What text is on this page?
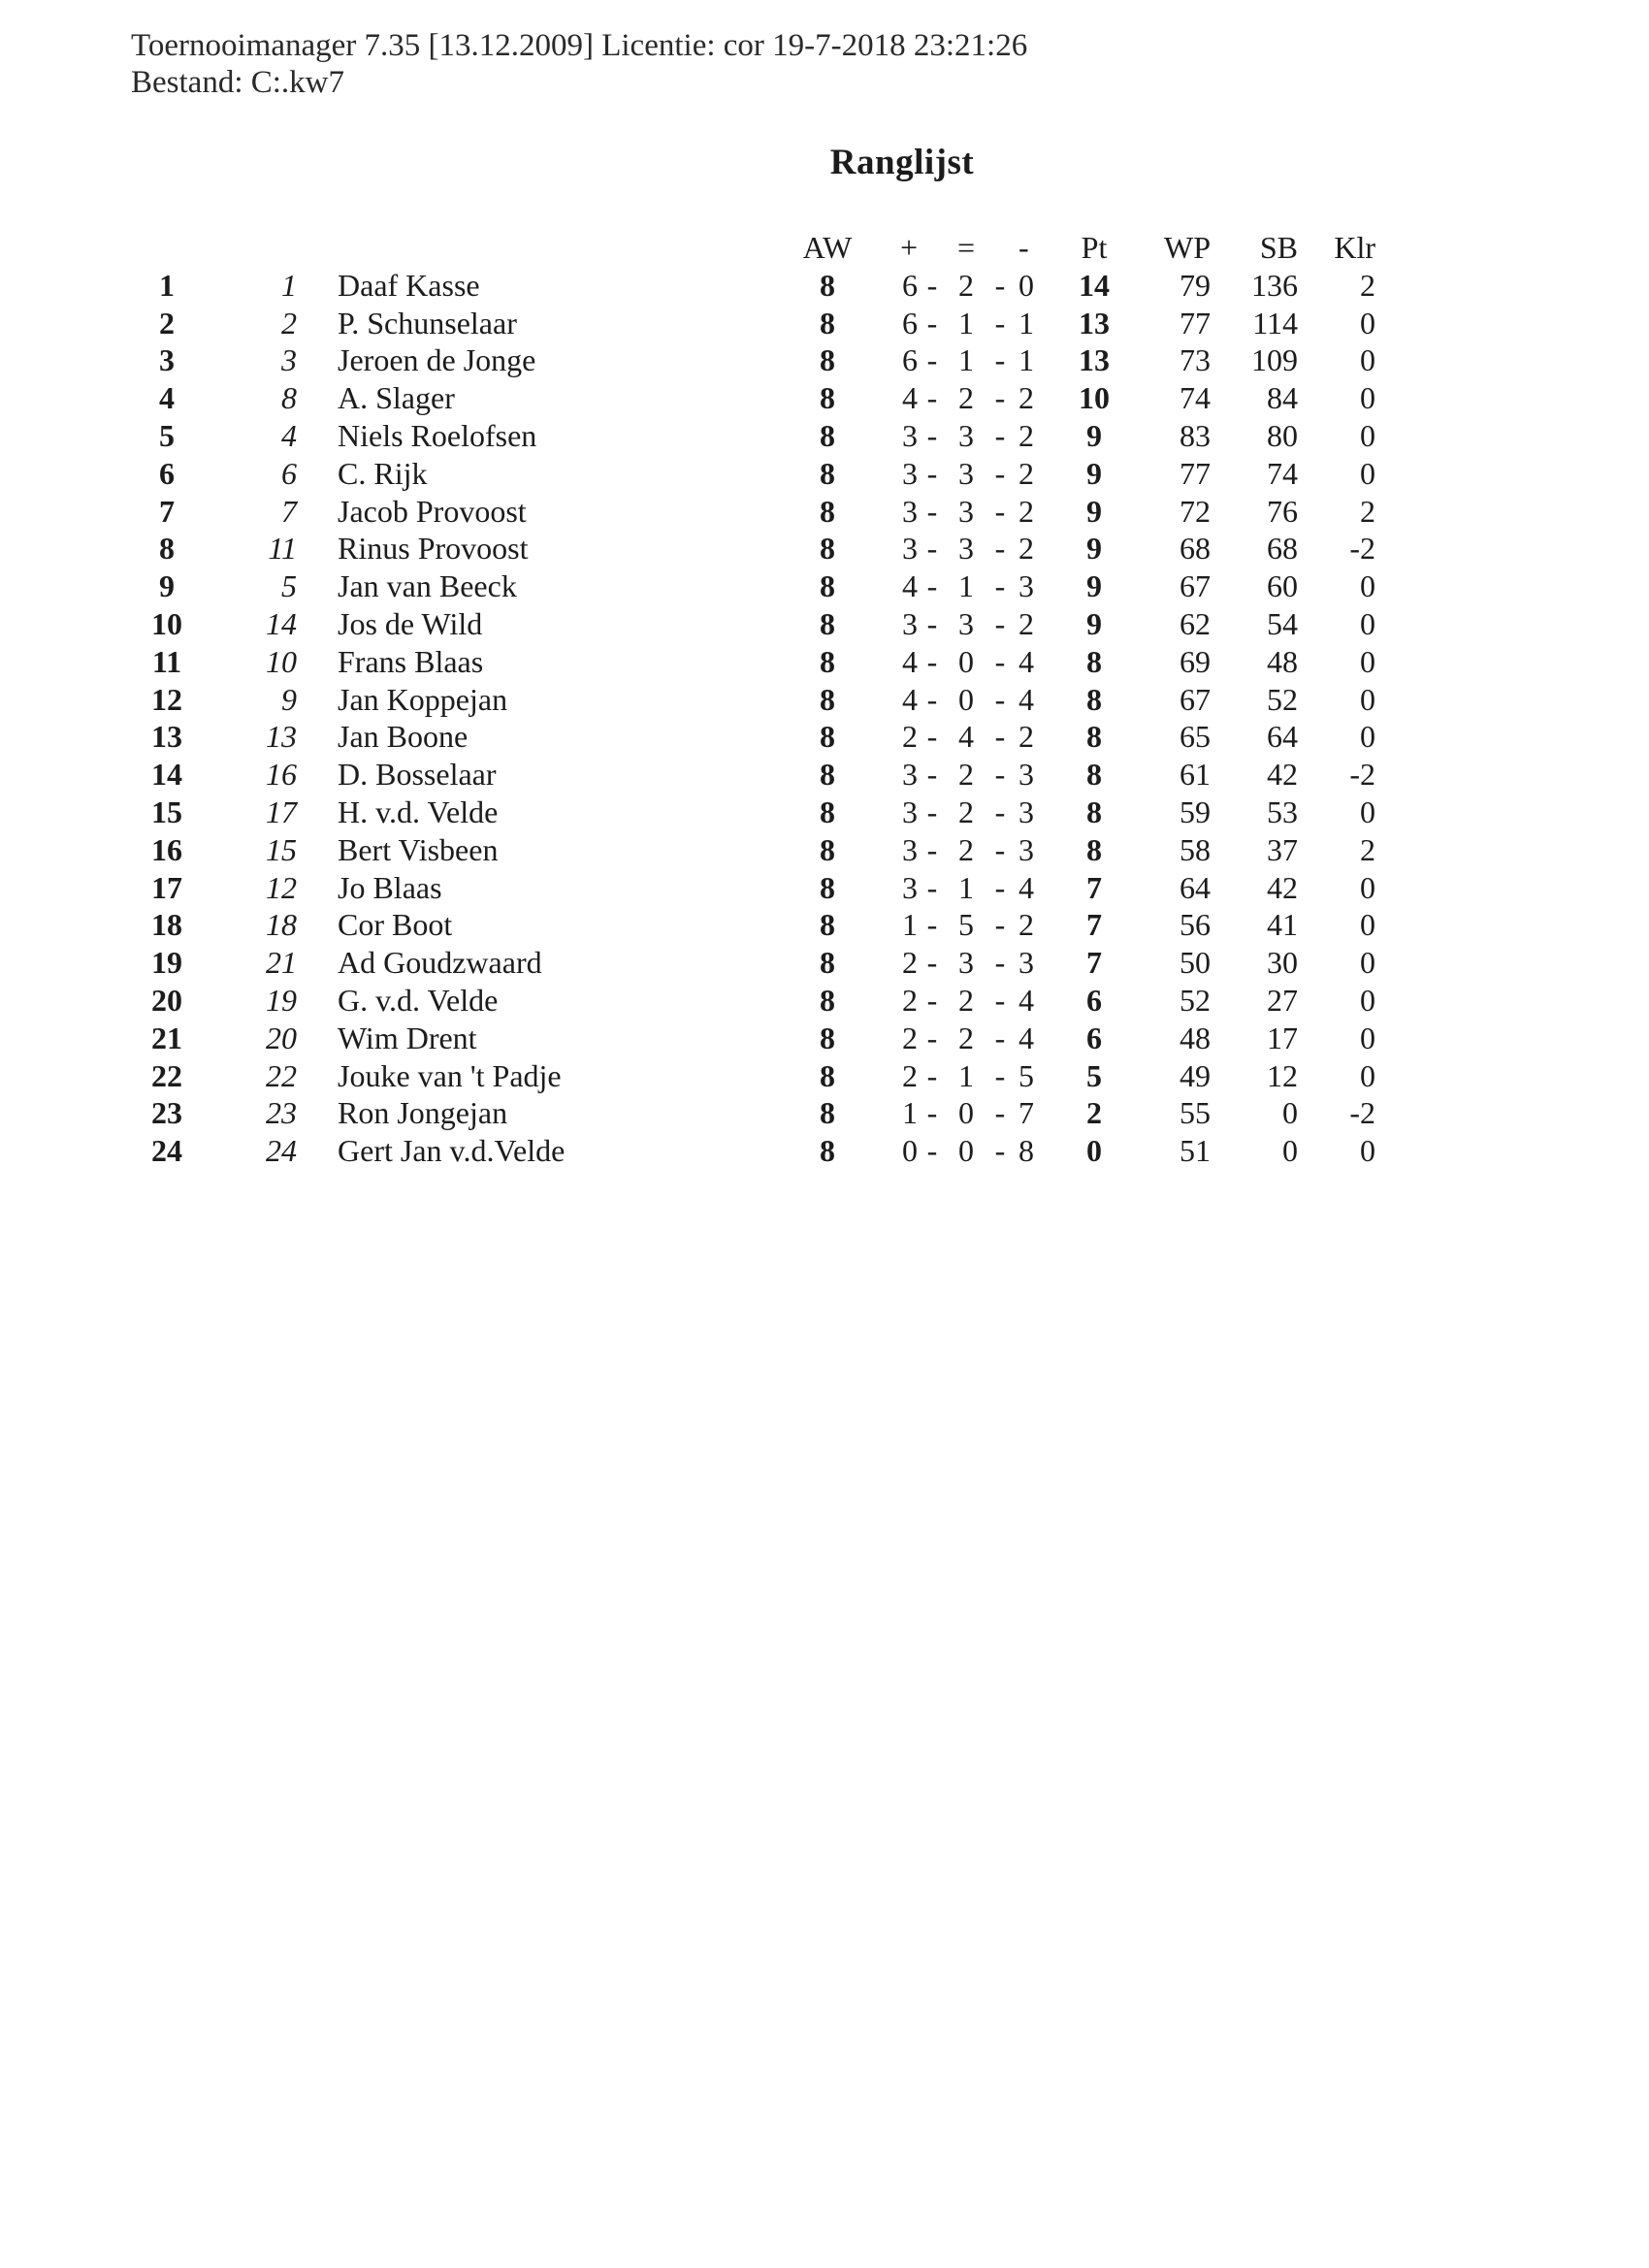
Toernooimanager 7.35 [13.12.2009] Licentie: cor 19-7-2018 23:21:26
Bestand: C:.kw7
Ranglijst
			AW	+		=		-	Pt	WP	SB	Klr
1	1	Daaf Kasse	8	6	-	2	-	0	14	79	136	2
2	2	P. Schunselaar	8	6	-	1	-	1	13	77	114	0
3	3	Jeroen de Jonge	8	6	-	1	-	1	13	73	109	0
4	8	A. Slager	8	4	-	2	-	2	10	74	84	0
5	4	Niels Roelofsen	8	3	-	3	-	2	9	83	80	0
6	6	C. Rijk	8	3	-	3	-	2	9	77	74	0
7	7	Jacob Provoost	8	3	-	3	-	2	9	72	76	2
8	11	Rinus Provoost	8	3	-	3	-	2	9	68	68	-2
9	5	Jan van Beeck	8	4	-	1	-	3	9	67	60	0
10	14	Jos de Wild	8	3	-	3	-	2	9	62	54	0
11	10	Frans Blaas	8	4	-	0	-	4	8	69	48	0
12	9	Jan Koppejan	8	4	-	0	-	4	8	67	52	0
13	13	Jan Boone	8	2	-	4	-	2	8	65	64	0
14	16	D. Bosselaar	8	3	-	2	-	3	8	61	42	-2
15	17	H. v.d. Velde	8	3	-	2	-	3	8	59	53	0
16	15	Bert Visbeen	8	3	-	2	-	3	8	58	37	2
17	12	Jo Blaas	8	3	-	1	-	4	7	64	42	0
18	18	Cor Boot	8	1	-	5	-	2	7	56	41	0
19	21	Ad Goudzwaard	8	2	-	3	-	3	7	50	30	0
20	19	G. v.d. Velde	8	2	-	2	-	4	6	52	27	0
21	20	Wim Drent	8	2	-	2	-	4	6	48	17	0
22	22	Jouke van 't Padje	8	2	-	1	-	5	5	49	12	0
23	23	Ron Jongejan	8	1	-	0	-	7	2	55	0	-2
24	24	Gert Jan v.d.Velde	8	0	-	0	-	8	0	51	0	0
